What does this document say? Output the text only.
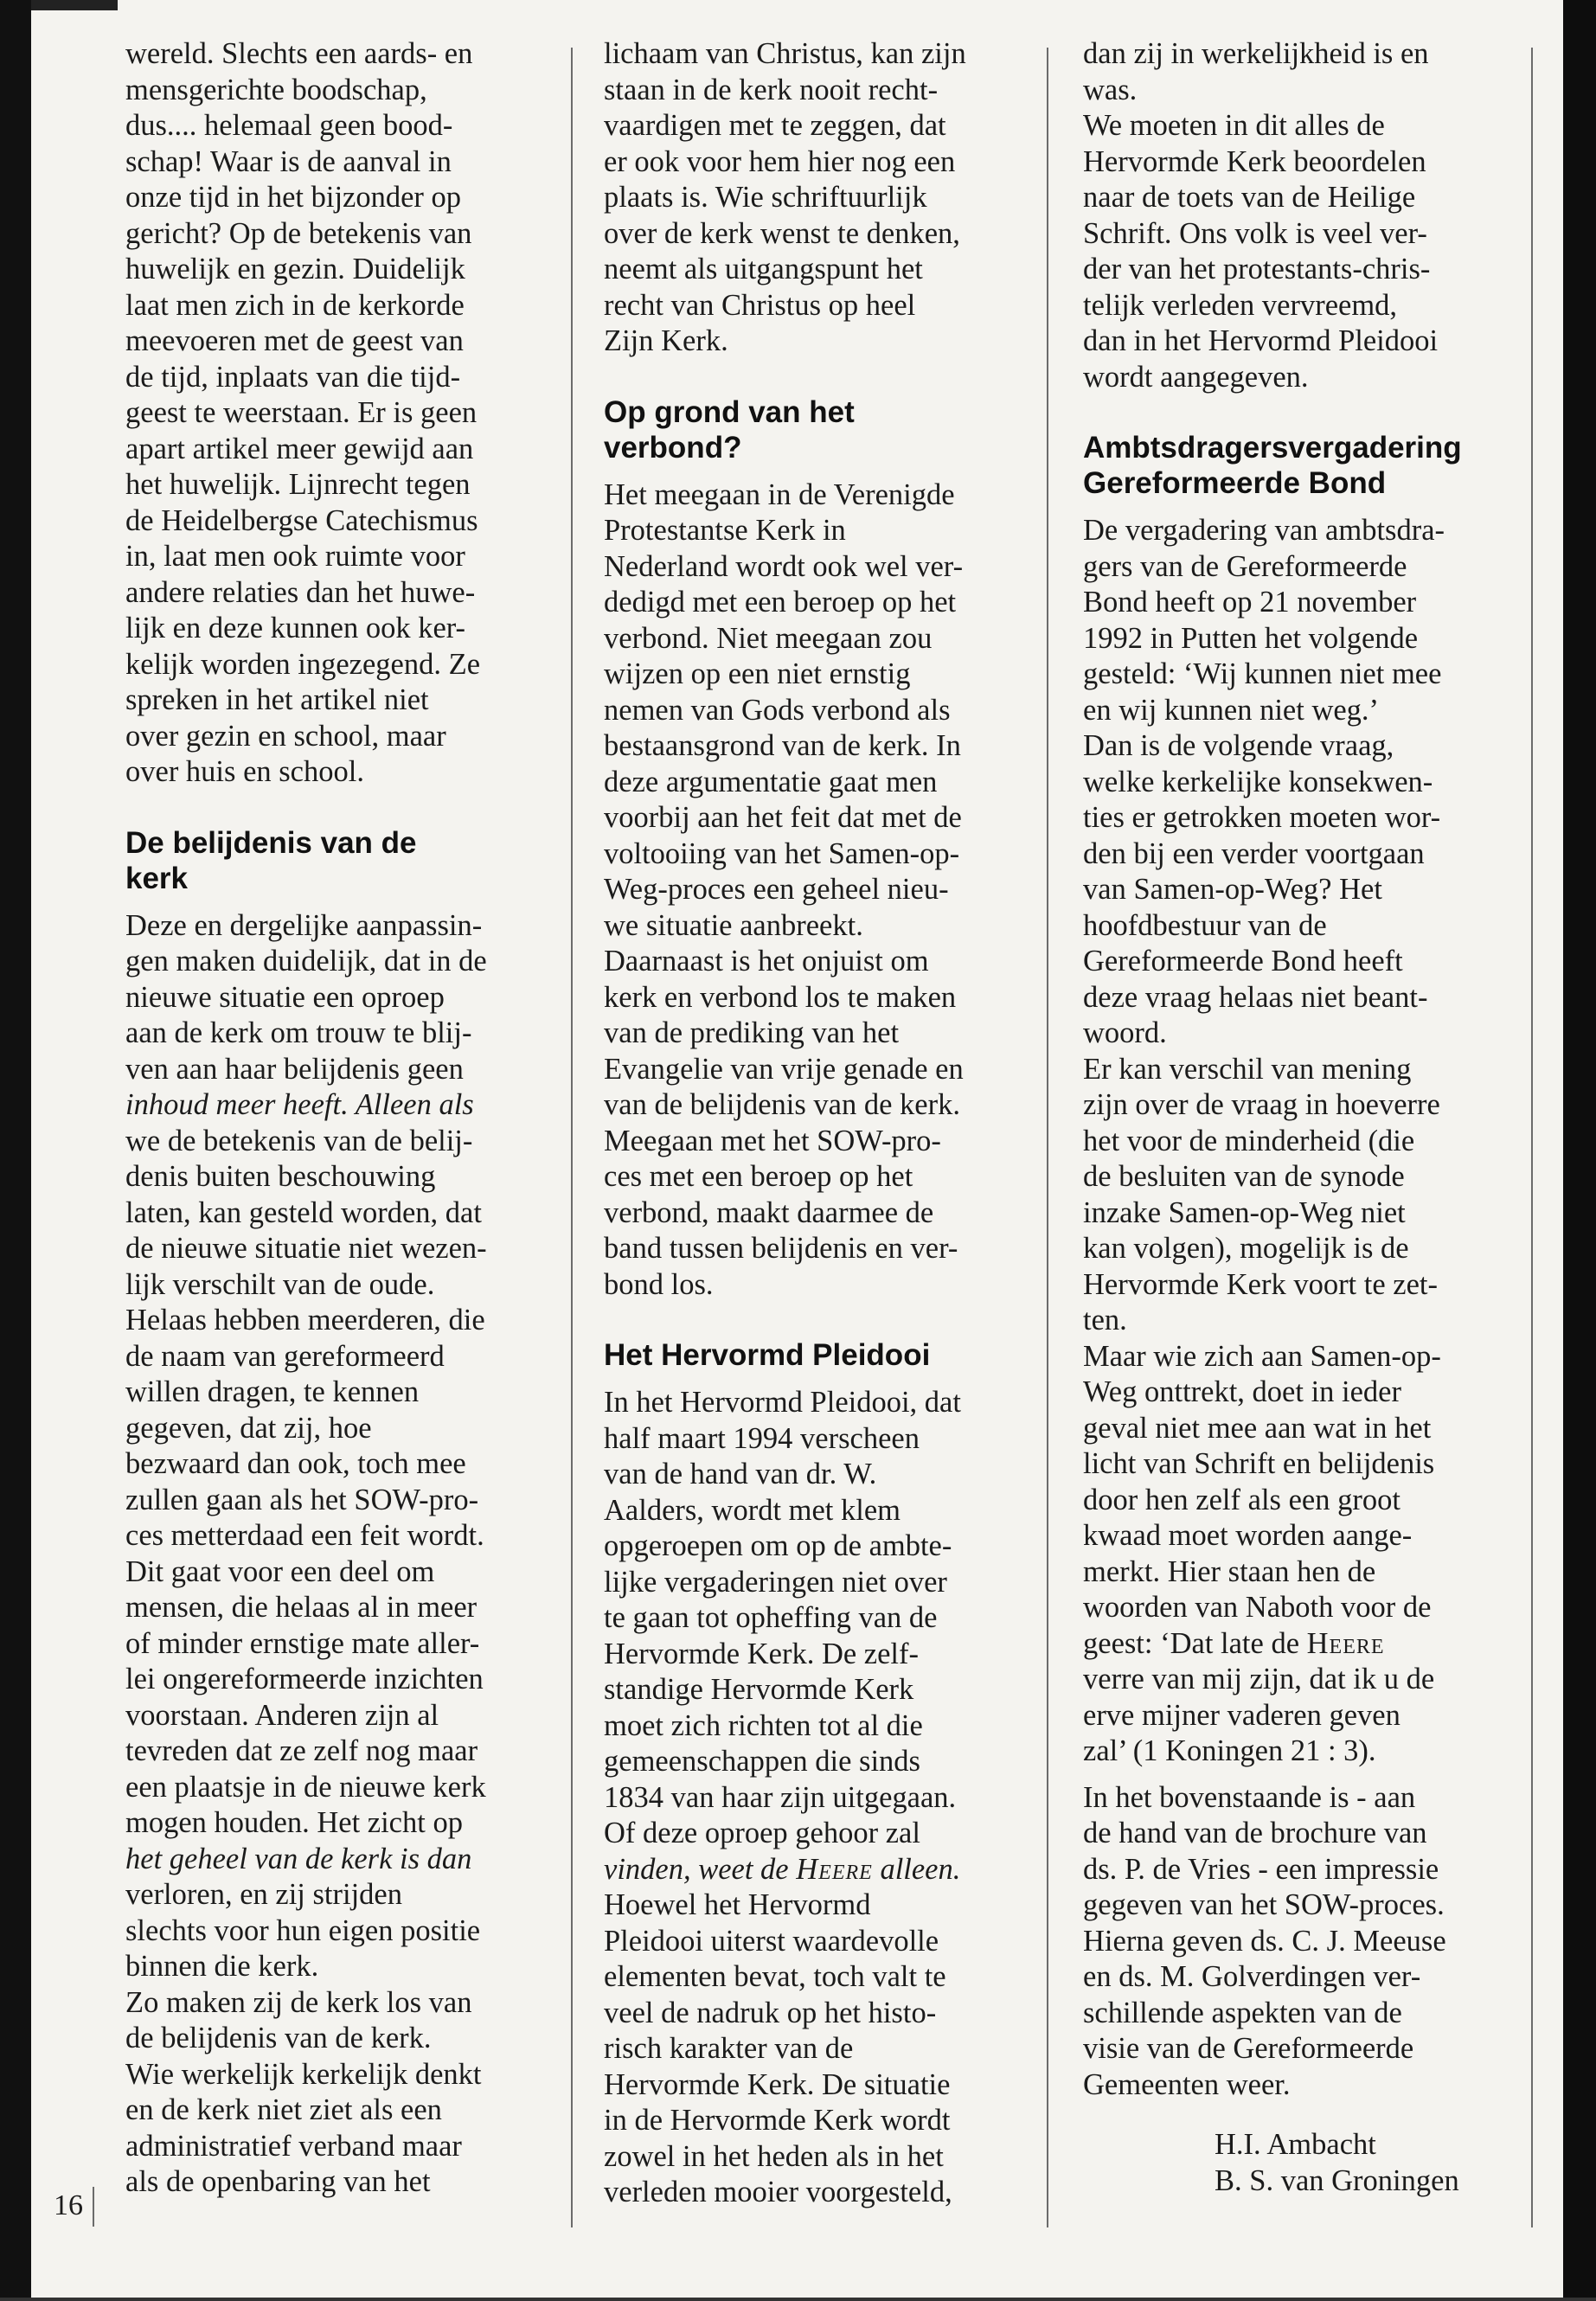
16

wereld. Slechts een aards- en
mensgerichte boodschap,
dus.... helemaal geen bood-
schap! Waar is de aanval in
onze tijd in het bijzonder op
gericht? Op de betekenis van
huwelijk en gezin. Duidelijk
laat men zich in de kerkorde
meevoeren met de geest van
de tijd, inplaats van die tijd-
geest te weerstaan. Er is geen
apart artikel meer gewijd aan
het huwelijk. Lijnrecht tegen
de Heidelbergse Catechismus
in, laat men ook ruimte voor
andere relaties dan het huwe-
lijk en deze kunnen ook ker-
kelijk worden ingezegend. Ze
spreken in het artikel niet
over gezin en school, maar
over huis en school.

De belijdenis van de
kerk

Deze en dergelijke aanpassin-
gen maken duidelijk, dat in de
nieuwe situatie een oproep
aan de kerk om trouw te blij-
ven aan haar belijdenis geen
inhoud meer heeft. Alleen als
we de betekenis van de belij-
denis buiten beschouwing
laten, kan gesteld worden, dat
de nieuwe situatie niet wezen-
lijk verschilt van de oude.
Helaas hebben meerderen, die
de naam van gereformeerd
willen dragen, te kennen
gegeven, dat zij, hoe
bezwaard dan ook, toch mee
zullen gaan als het SOW-pro-
ces metterdaad een feit wordt.
Dit gaat voor een deel om
mensen, die helaas al in meer
of minder ernstige mate aller-
lei ongereformeerde inzichten
voorstaan. Anderen zijn al
tevreden dat ze zelf nog maar
een plaatsje in de nieuwe kerk
mogen houden. Het zicht op
het geheel van de kerk is dan
verloren, en zij strijden
slechts voor hun eigen positie
binnen die kerk.
Zo maken zij de kerk los van
de belijdenis van de kerk.
Wie werkelijk kerkelijk denkt
en de kerk niet ziet als een
administratief verband maar
als de openbaring van het

lichaam van Christus, kan zijn
staan in de kerk nooit recht-
vaardigen met te zeggen, dat
er ook voor hem hier nog een
plaats is. Wie schriftuurlijk
over de kerk wenst te denken,
neemt als uitgangspunt het
recht van Christus op heel
Zijn Kerk.

Op grond van het
verbond?

Het meegaan in de Verenigde
Protestantse Kerk in
Nederland wordt ook wel ver-
dedigd met een beroep op het
verbond. Niet meegaan zou
wijzen op een niet ernstig
nemen van Gods verbond als
bestaansgrond van de kerk. In
deze argumentatie gaat men
voorbij aan het feit dat met de
voltooiing van het Samen-op-
Weg-proces een geheel nieu-
we situatie aanbreekt.
Daarnaast is het onjuist om
kerk en verbond los te maken
van de prediking van het
Evangelie van vrije genade en
van de belijdenis van de kerk.
Meegaan met het SOW-pro-
ces met een beroep op het
verbond, maakt daarmee de
band tussen belijdenis en ver-
bond los.

Het Hervormd Pleidooi

In het Hervormd Pleidooi, dat
half maart 1994 verscheen
van de hand van dr. W.
Aalders, wordt met klem
opgeroepen om op de ambte-
lijke vergaderingen niet over
te gaan tot opheffing van de
Hervormde Kerk. De zelf-
standige Hervormde Kerk
moet zich richten tot al die
gemeenschappen die sinds
1834 van haar zijn uitgegaan.
Of deze oproep gehoor zal
vinden, weet de Heere alleen.
Hoewel het Hervormd
Pleidooi uiterst waardevolle
elementen bevat, toch valt te
veel de nadruk op het histo-
risch karakter van de
Hervormde Kerk. De situatie
in de Hervormde Kerk wordt
zowel in het heden als in het
verleden mooier voorgesteld,

dan zij in werkelijkheid is en
was.
We moeten in dit alles de
Hervormde Kerk beoordelen
naar de toets van de Heilige
Schrift. Ons volk is veel ver-
der van het protestants-chris-
telijk verleden vervreemd,
dan in het Hervormd Pleidooi
wordt aangegeven.

Ambtsdragersvergadering
Gereformeerde Bond

De vergadering van ambtsdra-
gers van de Gereformeerde
Bond heeft op 21 november
1992 in Putten het volgende
gesteld: ‘Wij kunnen niet mee
en wij kunnen niet weg.’
Dan is de volgende vraag,
welke kerkelijke konsekwen-
ties er getrokken moeten wor-
den bij een verder voortgaan
van Samen-op-Weg? Het
hoofdbestuur van de
Gereformeerde Bond heeft
deze vraag helaas niet beant-
woord.
Er kan verschil van mening
zijn over de vraag in hoeverre
het voor de minderheid (die
de besluiten van de synode
inzake Samen-op-Weg niet
kan volgen), mogelijk is de
Hervormde Kerk voort te zet-
ten.
Maar wie zich aan Samen-op-
Weg onttrekt, doet in ieder
geval niet mee aan wat in het
licht van Schrift en belijdenis
door hen zelf als een groot
kwaad moet worden aange-
merkt. Hier staan hen de
woorden van Naboth voor de
geest: ‘Dat late de Heere
verre van mij zijn, dat ik u de
erve mijner vaderen geven
zal’ (1 Koningen 21 : 3).

In het bovenstaande is - aan
de hand van de brochure van
ds. P. de Vries - een impressie
gegeven van het SOW-proces.
Hierna geven ds. C. J. Meeuse
en ds. M. Golverdingen ver-
schillende aspekten van de
visie van de Gereformeerde
Gemeenten weer.

H.I. Ambacht
B. S. van Groningen
